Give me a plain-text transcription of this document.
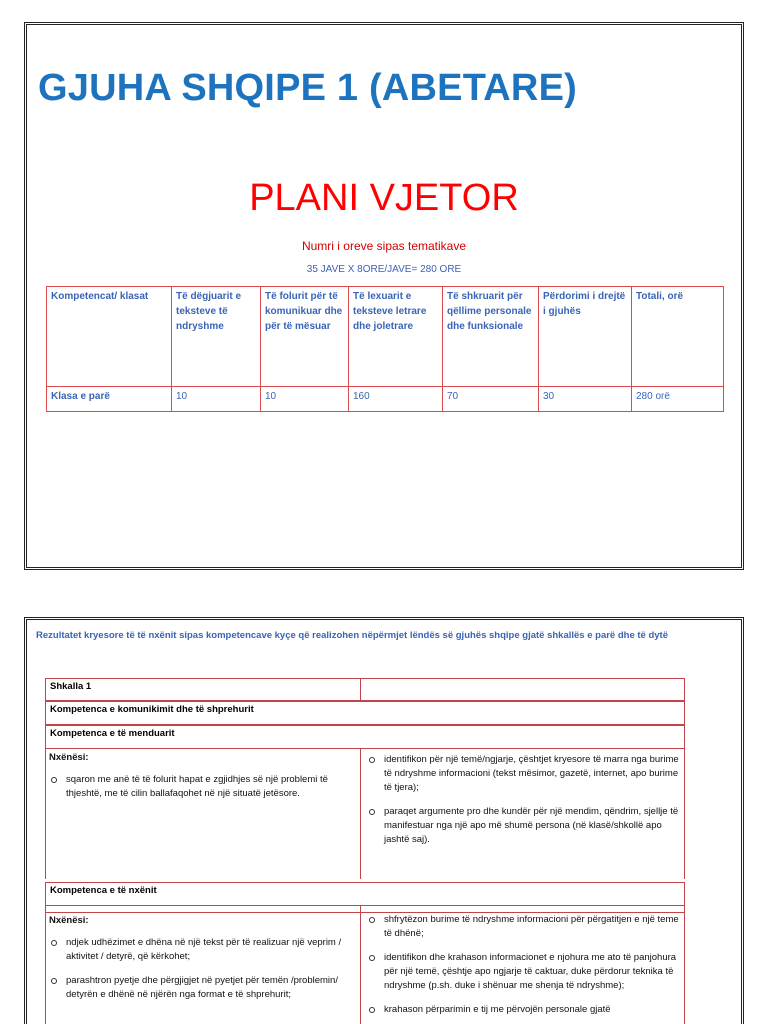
GJUHA SHQIPE 1 (ABETARE)
PLANI VJETOR
Numri i oreve sipas tematikave
35 JAVE X 8ORE/JAVE= 280 ORE
Kompetencat/ klasat	Të dëgjuarit e teksteve të ndryshme	Të folurit për të komunikuar dhe për të mësuar	Të lexuarit e teksteve letrare dhe joletrare	Të shkruarit për qëllime personale dhe funksionale	Përdorimi i drejtë i gjuhës	Totali, orë
Klasa e parë	10	10	160	70	30	280 orë
Rezultatet kryesore të të nxënit sipas kompetencave kyçe që realizohen nëpërmjet lëndës së gjuhës shqipe gjatë shkallës e parë dhe të dytë
Shkalla 1
Kompetenca e komunikimit dhe të shprehurit
Kompetenca e të menduarit
Nxënësi:
sqaron me anë të të folurit hapat e zgjidhjes së një problemi të thjeshtë, me të cilin ballafaqohet në një situatë jetësore.
identifikon për një temë/ngjarje, çështjet kryesore të marra nga burime të ndryshme informacioni (tekst mësimor, gazetë, internet, apo burime të tjera);
paraqet argumente pro dhe kundër për një mendim, qëndrim, sjellje të manifestuar nga një apo më shumë persona (në klasë/shkollë apo jashtë saj).
Kompetenca e të nxënit
Nxënësi:
ndjek udhëzimet e dhëna në një tekst për të realizuar një veprim / aktivitet / detyrë, që kërkohet;
parashtron pyetje dhe përgjigjet në pyetjet për temën /problemin/ detyrën e dhënë në njërën nga format e të shprehurit;
shfrytëzon burime të ndryshme informacioni për përgatitjen e një teme të dhënë;
identifikon dhe krahason informacionet e njohura me ato të panjohura për një temë, çështje apo ngjarje të caktuar, duke përdorur teknika të ndryshme (p.sh. duke i shënuar me shenja të ndryshme);
krahason përparimin e tij me përvojën personale gjatë
